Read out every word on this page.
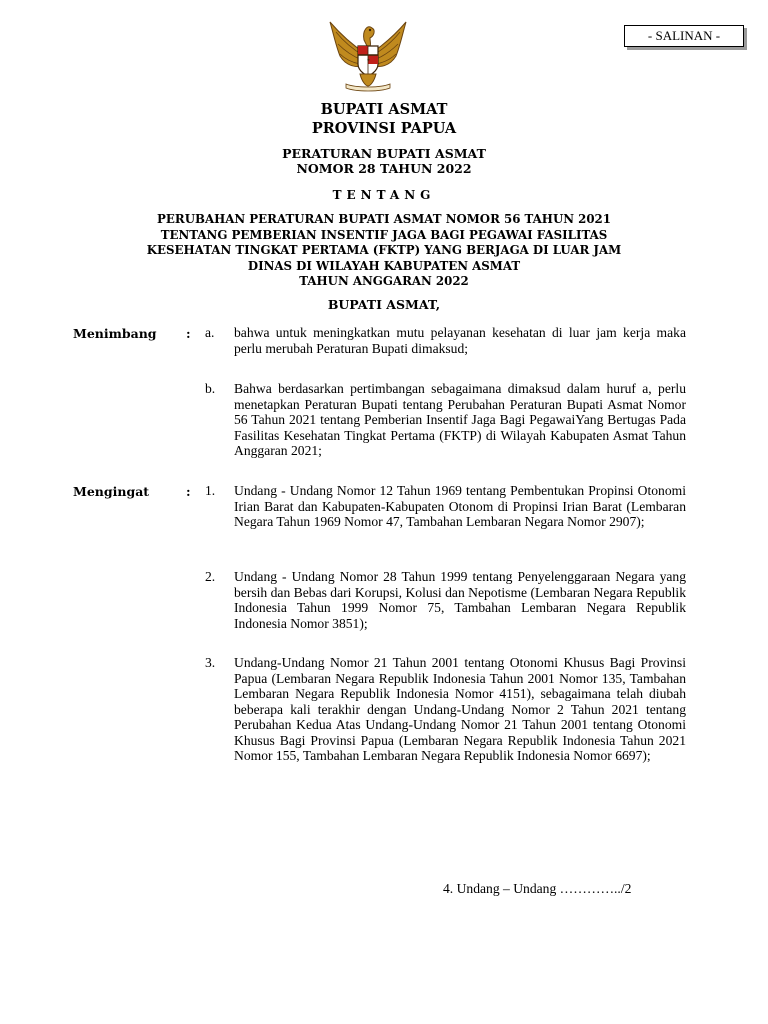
- SALINAN -
BUPATI ASMAT
PROVINSI PAPUA
PERATURAN BUPATI ASMAT
NOMOR 28 TAHUN 2022
TENTANG
PERUBAHAN PERATURAN BUPATI ASMAT NOMOR 56 TAHUN 2021
TENTANG PEMBERIAN INSENTIF JAGA BAGI PEGAWAI FASILITAS
KESEHATAN TINGKAT PERTAMA (FKTP) YANG BERJAGA DI LUAR JAM
DINAS DI WILAYAH KABUPATEN ASMAT
TAHUN ANGGARAN 2022
BUPATI ASMAT,
Menimbang : a. bahwa untuk meningkatkan mutu pelayanan kesehatan di luar jam kerja maka perlu merubah Peraturan Bupati dimaksud;
b. Bahwa berdasarkan pertimbangan sebagaimana dimaksud dalam huruf a, perlu menetapkan Peraturan Bupati tentang Perubahan Peraturan Bupati Asmat Nomor 56 Tahun 2021 tentang Pemberian Insentif Jaga Bagi PegawaiYang Bertugas Pada Fasilitas Kesehatan Tingkat Pertama (FKTP) di Wilayah Kabupaten Asmat Tahun Anggaran 2021;
Mengingat	: 1. Undang - Undang Nomor 12 Tahun 1969 tentang Pembentukan Propinsi Otonomi Irian Barat dan Kabupaten-Kabupaten Otonom di Propinsi Irian Barat (Lembaran Negara Tahun 1969 Nomor 47, Tambahan Lembaran Negara Nomor 2907);
2. Undang - Undang Nomor 28 Tahun 1999 tentang Penyelenggaraan Negara yang bersih dan Bebas dari Korupsi, Kolusi dan Nepotisme (Lembaran Negara Republik Indonesia Tahun 1999 Nomor 75, Tambahan Lembaran Negara Republik Indonesia Nomor 3851);
3. Undang-Undang Nomor 21 Tahun 2001 tentang Otonomi Khusus Bagi Provinsi Papua (Lembaran Negara Republik Indonesia Tahun 2001 Nomor 135, Tambahan Lembaran Negara Republik Indonesia Nomor 4151), sebagaimana telah diubah beberapa kali terakhir dengan Undang-Undang Nomor 2 Tahun 2021 tentang Perubahan Kedua Atas Undang-Undang Nomor 21 Tahun 2001 tentang Otonomi Khusus Bagi Provinsi Papua (Lembaran Negara Republik Indonesia Tahun 2021 Nomor 155, Tambahan Lembaran Negara Republik Indonesia Nomor 6697);
4. Undang – Undang …………../2
